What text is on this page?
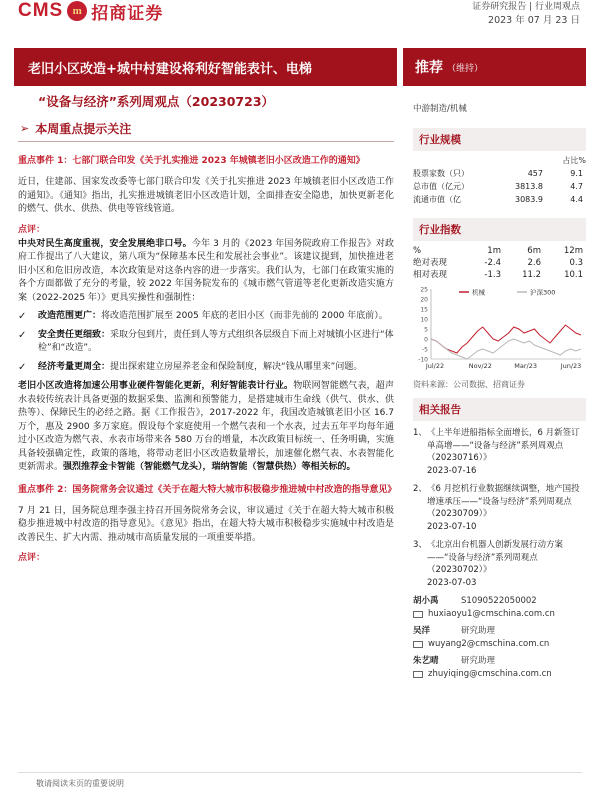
CMS m 招商证券	证券研究报告 | 行业周观点
2023 年 07 月 23 日
老旧小区改造+城中村建设将利好智能表计、电梯	推荐 （维持）
“设备与经济”系列周观点（20230723）
➢ 本周重点提示关注
重点事件 1：七部门联合印发《关于扎实推进 2023 年城镇老旧小区改造工作的通知》
近日，住建部、国家发改委等七部门联合印发《关于扎实推进 2023 年城镇老旧小区改造工作的通知》。《通知》指出，扎实推进城镇老旧小区改造计划，全面排查安全隐患，加快更新老化的燃气、供水、供热、供电等管线管道。
点评：
中央对民生高度重视，安全发展绝非口号。今年 3 月的《2023 年国务院政府工作报告》对政府工作提出了八大建议，第八项为“保障基本民生和发展社会事业”。该建议提到，加快推进老旧小区和危旧房改造，本次政策是对这条内容的进一步落实。我们认为，七部门在政策实施的各个方面都做了充分的考量，较 2022 年国务院发布的《城市燃气管道等老化更新改造实施方案（2022-2025 年）》更具实操性和强制性：
✓	改造范围更广：将改造范围扩展至 2005 年底的老旧小区（而非先前的 2000 年底前）。
✓	安全责任更细致：采取分包到片，责任到人等方式组织各层级自下而上对城镇小区进行“体检”和“改造”。
✓	经济考量更周全：提出探索建立房屋养老金和保险制度，解决“钱从哪里来”问题。
老旧小区改造将加速公用事业硬件智能化更新，利好智能表计行业。物联网智能燃气表，超声水表较传统表计具备更强的数据采集、监测和预警能力，是搭建城市生命线（供气、供水、供热等）、保障民生的必经之路。据《工作报告》，2017-2022 年，我国改造城镇老旧小区 16.7 万个，惠及 2900 多万家庭。假设每个家庭使用一个燃气表和一个水表，过去五年平均每年通过小区改造为燃气表、水表市场带来各 580 万台的增量，本次政策目标统一、任务明确，实施具备较强确定性，政策的落地，将带动老旧小区改造数量增长，加速催化燃气表、水表智能化更新需求。强烈推荐金卡智能（智能燃气龙头），瑞纳智能（智慧供热）等相关标的。
重点事件 2：国务院常务会议通过《关于在超大特大城市积极稳步推进城中村改造的指导意见》
7 月 21 日，国务院总理李强主持召开国务院常务会议，审议通过《关于在超大特大城市积极稳步推进城中村改造的指导意见》。《意见》指出，在超大特大城市积极稳步实施城中村改造是改善民生、扩大内需、推动城市高质量发展的一项重要举措。
点评：
中游制造/机械
行业规模
占比%
股票家数（只）	457	9.1
总市值（亿元）	3813.8	4.7
流通市值（亿	3083.9	4.4
行业指数
%	1m	6m	12m
绝对表现	-2.4	2.6	0.3
相对表现	-1.3	11.2	10.1
25
20
15
10
5
0
-5
-10
Jul/22	Nov/22	Mar/23	Jun/23
机械	沪深300
资料来源：公司数据、招商证券
相关报告
1、 《上半年进船指标全面增长，6 月新签订单高增——“设备与经济”系列周观点（20230716）》
2023-07-16
2、 《6 月挖机行业数据继续调整，地产国投增速承压——“设备与经济”系列周观点（20230709）》
2023-07-10
3、 《北京出台机器人创新发展行动方案——“设备与经济”系列周观点（20230702）》
2023-07-03
胡小禹	S1090522050002
huxiaoyu1@cmschina.com.cn
吴洋	研究助理
wuyang2@cmschina.com.cn
朱艺晴	研究助理
zhuyiqing@cmschina.com.cn
敬请阅读末页的重要说明
